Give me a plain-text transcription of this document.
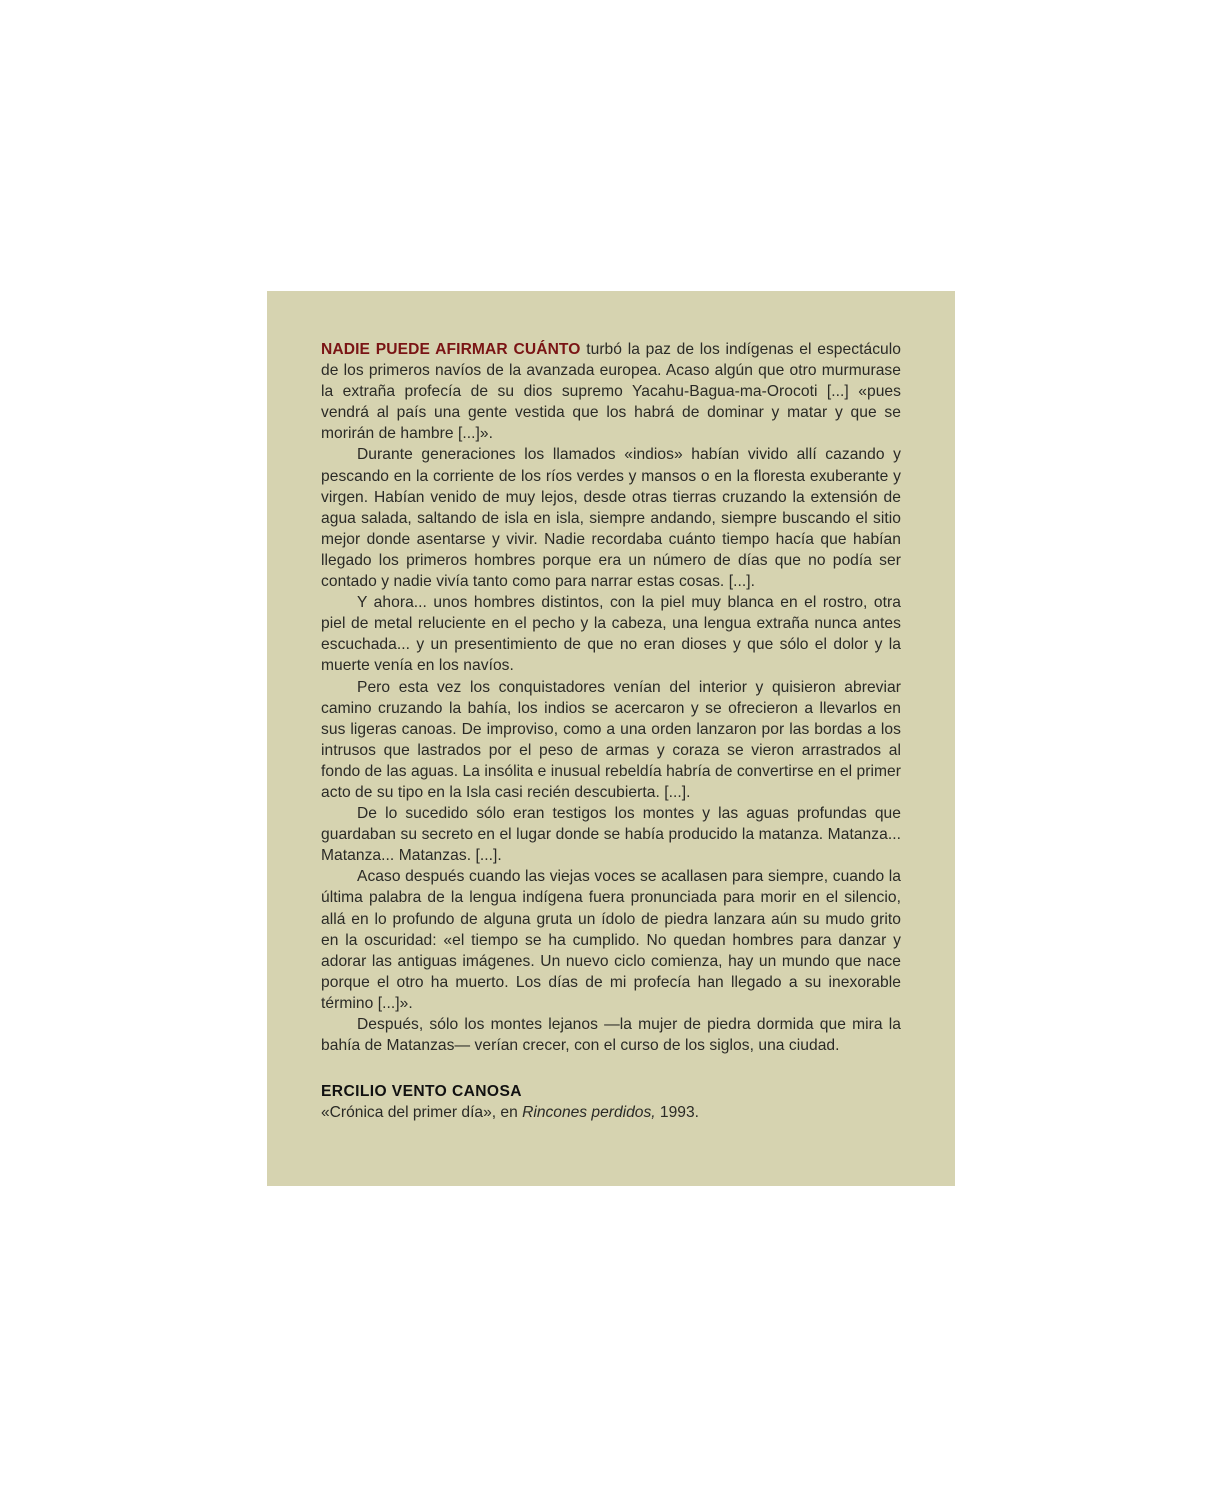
NADIE PUEDE AFIRMAR CUÁNTO turbó la paz de los indígenas el espectáculo de los primeros navíos de la avanzada europea. Acaso algún que otro murmurase la extraña profecía de su dios supremo Yacahu-Bagua-ma-Orocoti [...] «pues vendrá al país una gente vestida que los habrá de dominar y matar y que se morirán de hambre [...]».

Durante generaciones los llamados «indios» habían vivido allí cazando y pescando en la corriente de los ríos verdes y mansos o en la floresta exuberante y virgen. Habían venido de muy lejos, desde otras tierras cruzando la extensión de agua salada, saltando de isla en isla, siempre andando, siempre buscando el sitio mejor donde asentarse y vivir. Nadie recordaba cuánto tiempo hacía que habían llegado los primeros hombres porque era un número de días que no podía ser contado y nadie vivía tanto como para narrar estas cosas. [...].

Y ahora... unos hombres distintos, con la piel muy blanca en el rostro, otra piel de metal reluciente en el pecho y la cabeza, una lengua extraña nunca antes escuchada... y un presentimiento de que no eran dioses y que sólo el dolor y la muerte venía en los navíos.

Pero esta vez los conquistadores venían del interior y quisieron abreviar camino cruzando la bahía, los indios se acercaron y se ofrecieron a llevarlos en sus ligeras canoas. De improviso, como a una orden lanzaron por las bordas a los intrusos que lastrados por el peso de armas y coraza se vieron arrastrados al fondo de las aguas. La insólita e inusual rebeldía habría de convertirse en el primer acto de su tipo en la Isla casi recién descubierta. [...].

De lo sucedido sólo eran testigos los montes y las aguas profundas que guardaban su secreto en el lugar donde se había producido la matanza. Matanza... Matanza... Matanzas. [...].

Acaso después cuando las viejas voces se acallasen para siempre, cuando la última palabra de la lengua indígena fuera pronunciada para morir en el silencio, allá en lo profundo de alguna gruta un ídolo de piedra lanzara aún su mudo grito en la oscuridad: «el tiempo se ha cumplido. No quedan hombres para danzar y adorar las antiguas imágenes. Un nuevo ciclo comienza, hay un mundo que nace porque el otro ha muerto. Los días de mi profecía han llegado a su inexorable término [...]».

Después, sólo los montes lejanos —la mujer de piedra dormida que mira la bahía de Matanzas— verían crecer, con el curso de los siglos, una ciudad.

ERCILIO VENTO CANOSA
«Crónica del primer día», en Rincones perdidos, 1993.
